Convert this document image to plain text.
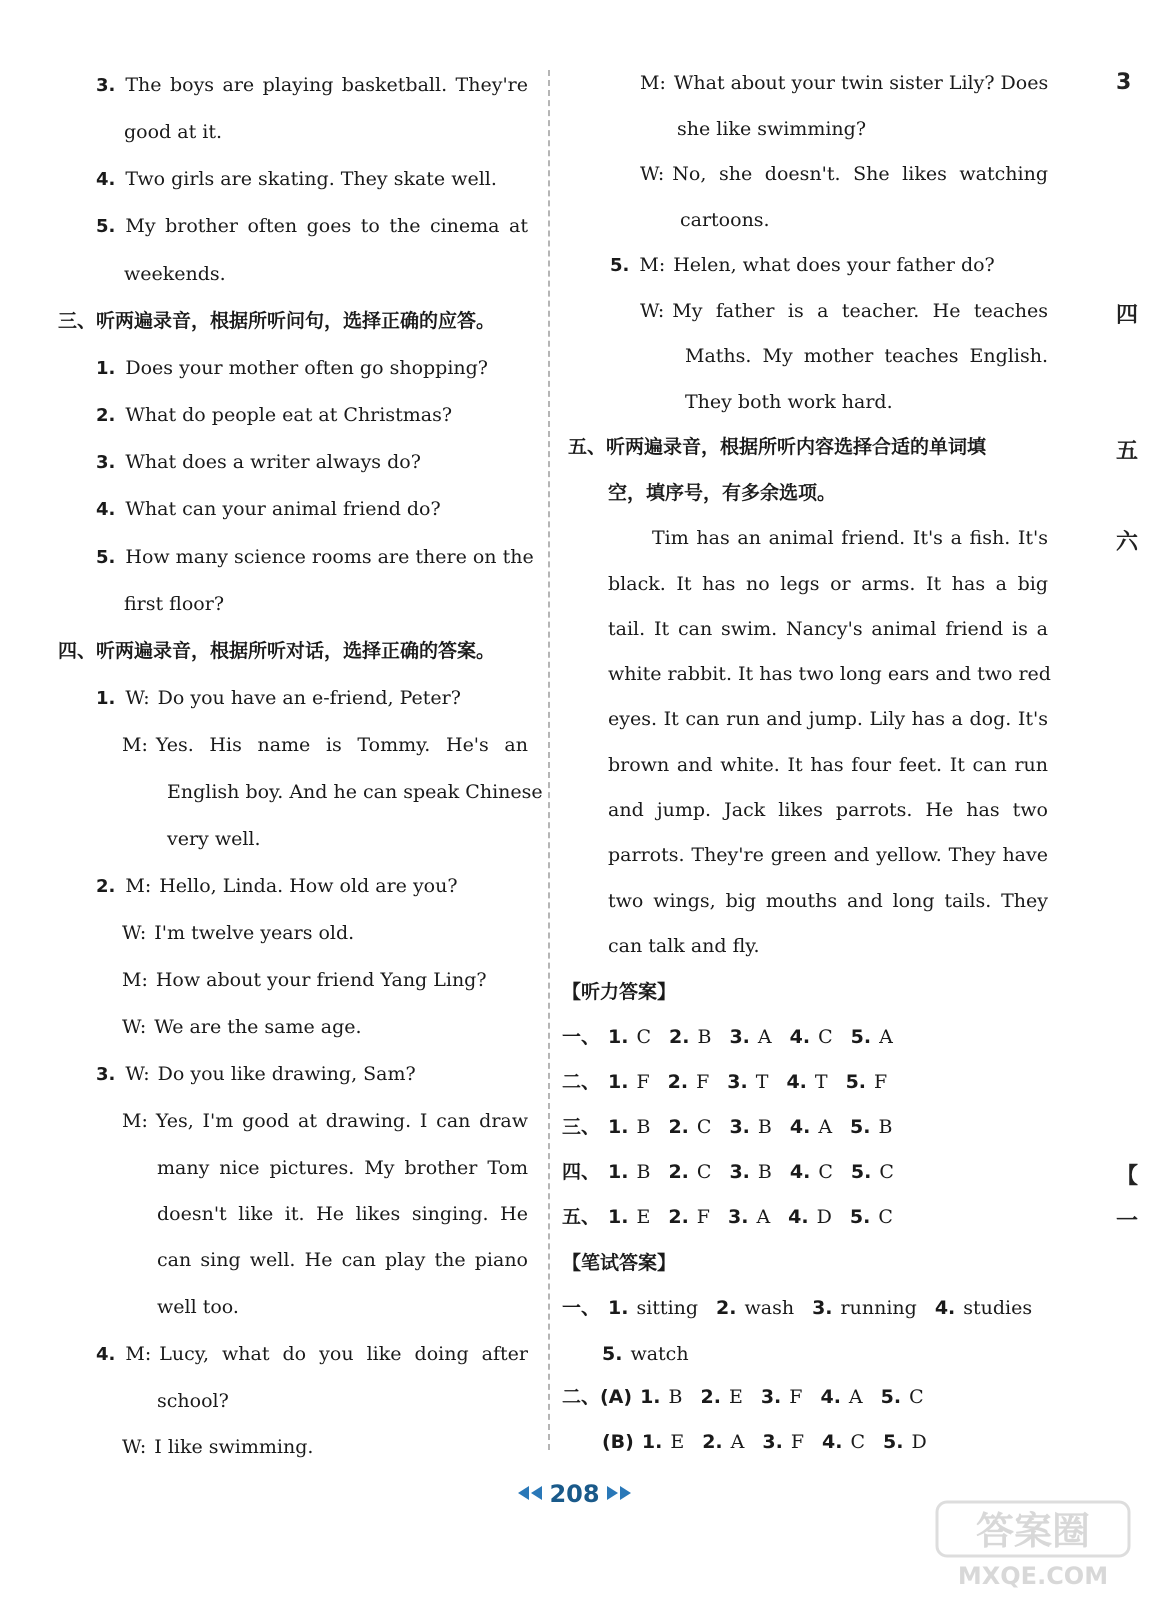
3. The boys are playing basketball. They're
good at it.
4. Two girls are skating. They skate well.
5. My brother often goes to the cinema at
weekends.
三、听两遍录音，根据所听问句，选择正确的应答。
1. Does your mother often go shopping?
2. What do people eat at Christmas?
3. What does a writer always do?
4. What can your animal friend do?
5. How many science rooms are there on the
first floor?
四、听两遍录音，根据所听对话，选择正确的答案。
1. W: Do you have an e-friend, Peter?
M: Yes. His name is Tommy. He's an
English boy. And he can speak Chinese
very well.
2. M: Hello, Linda. How old are you?
W: I'm twelve years old.
M: How about your friend Yang Ling?
W: We are the same age.
3. W: Do you like drawing, Sam?
M: Yes, I'm good at drawing. I can draw
many nice pictures. My brother Tom
doesn't like it. He likes singing. He
can sing well. He can play the piano
well too.
4. M: Lucy, what do you like doing after
school?
W: I like swimming.
M: What about your twin sister Lily? Does
she like swimming?
W: No, she doesn't. She likes watching
cartoons.
5. M: Helen, what does your father do?
W: My father is a teacher. He teaches
Maths. My mother teaches English.
They both work hard.
五、听两遍录音，根据所听内容选择合适的单词填
空，填序号，有多余选项。
Tim has an animal friend. It's a fish. It's
black. It has no legs or arms. It has a big
tail. It can swim. Nancy's animal friend is a
white rabbit. It has two long ears and two red
eyes. It can run and jump. Lily has a dog. It's
brown and white. It has four feet. It can run
and jump. Jack likes parrots. He has two
parrots. They're green and yellow. They have
two wings, big mouths and long tails. They
can talk and fly.
【听力答案】
一、 1. C 2. B 3. A 4. C 5. A
二、 1. F 2. F 3. T 4. T 5. F
三、 1. B 2. C 3. B 4. A 5. B
四、 1. B 2. C 3. B 4. C 5. C
五、 1. E 2. F 3. A 4. D 5. C
【笔试答案】
一、 1. sitting 2. wash 3. running 4. studies
5. watch
二、(A) 1. B 2. E 3. F 4. A 5. C
(B) 1. E 2. A 3. F 4. C 5. D
3
四
五
六
【
一
208
答案圈
MXQE.COM
